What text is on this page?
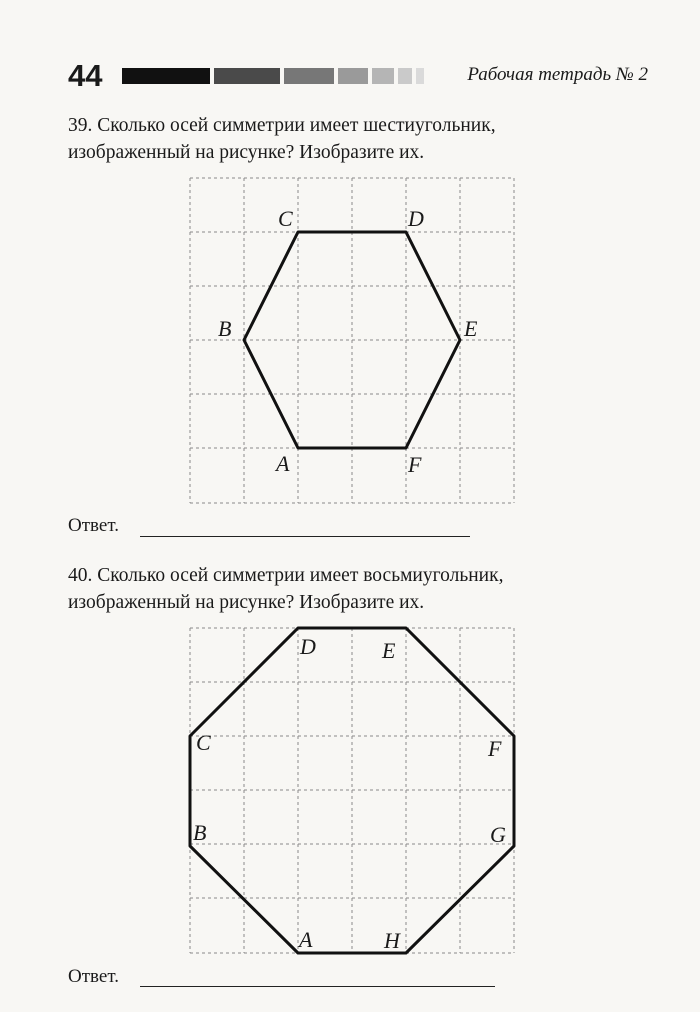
44	Рабочая тетрадь № 2
39. Сколько осей симметрии имеет шестиугольник,
изображенный на рисунке? Изобразите их.
A
B
C	D
E
F
Ответ.
40. Сколько осей симметрии имеет восьмиугольник,
изображенный на рисунке? Изобразите их.
A
B
C
D	E
F
G
H
Ответ.
